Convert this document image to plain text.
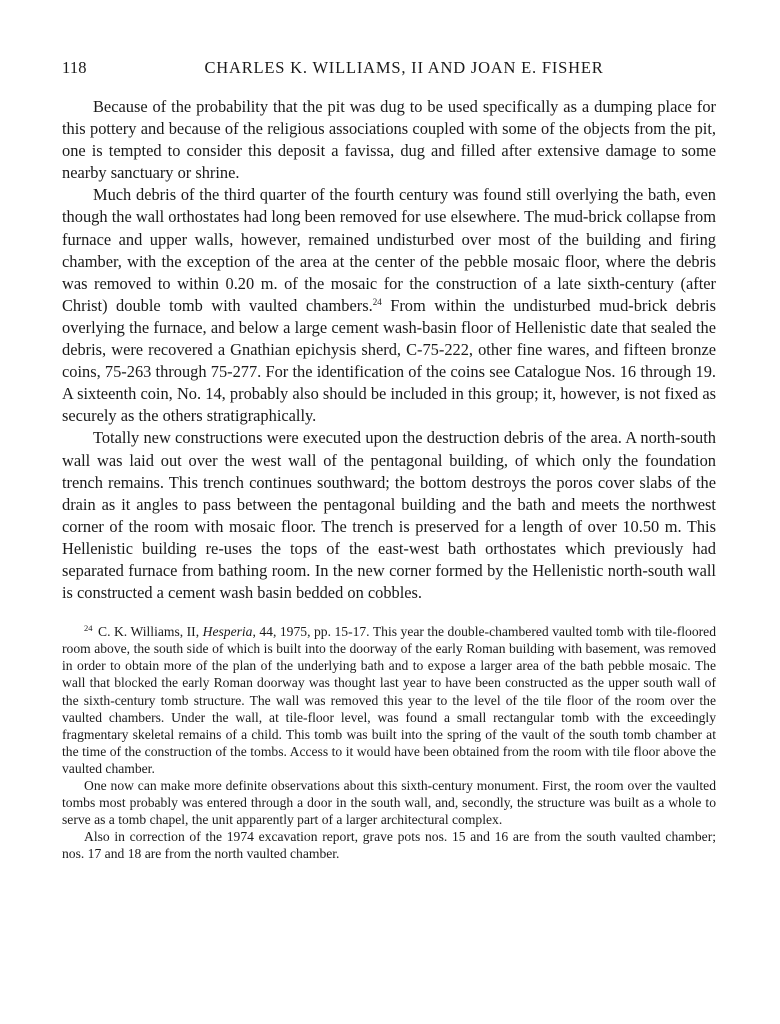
118	CHARLES K. WILLIAMS, II AND JOAN E. FISHER

Because of the probability that the pit was dug to be used specifically as a dumping place for this pottery and because of the religious associations coupled with some of the objects from the pit, one is tempted to consider this deposit a favissa, dug and filled after extensive damage to some nearby sanctuary or shrine.

Much debris of the third quarter of the fourth century was found still overlying the bath, even though the wall orthostates had long been removed for use elsewhere. The mud-brick collapse from furnace and upper walls, however, remained undisturbed over most of the building and firing chamber, with the exception of the area at the center of the pebble mosaic floor, where the debris was removed to within 0.20 m. of the mosaic for the construction of a late sixth-century (after Christ) double tomb with vaulted chambers.$^{24}$ From within the undisturbed mud-brick debris overlying the furnace, and below a large cement wash-basin floor of Hellenistic date that sealed the debris, were recovered a Gnathian epichysis sherd, C-75-222, other fine wares, and fifteen bronze coins, 75-263 through 75-277. For the identification of the coins see Catalogue Nos. 16 through 19. A sixteenth coin, No. 14, probably also should be included in this group; it, however, is not fixed as securely as the others stratigraphically.

Totally new constructions were executed upon the destruction debris of the area. A north-south wall was laid out over the west wall of the pentagonal building, of which only the foundation trench remains. This trench continues southward; the bottom destroys the poros cover slabs of the drain as it angles to pass between the pentagonal building and the bath and meets the northwest corner of the room with mosaic floor. The trench is preserved for a length of over 10.50 m. This Hellenistic building re-uses the tops of the east-west bath orthostates which previously had separated furnace from bathing room. In the new corner formed by the Hellenistic north-south wall is constructed a cement wash basin bedded on cobbles.

$^{24}$ C. K. Williams, II, Hesperia, 44, 1975, pp. 15-17. This year the double-chambered vaulted tomb with tile-floored room above, the south side of which is built into the doorway of the early Roman building with basement, was removed in order to obtain more of the plan of the underlying bath and to expose a larger area of the bath pebble mosaic. The wall that blocked the early Roman doorway was thought last year to have been constructed as the upper south wall of the sixth-century tomb structure. The wall was removed this year to the level of the tile floor of the room over the vaulted chambers. Under the wall, at tile-floor level, was found a small rectangular tomb with the exceedingly fragmentary skeletal remains of a child. This tomb was built into the spring of the vault of the south tomb chamber at the time of the construction of the tombs. Access to it would have been obtained from the room with tile floor above the vaulted chamber.

One now can make more definite observations about this sixth-century monument. First, the room over the vaulted tombs most probably was entered through a door in the south wall, and, secondly, the structure was built as a whole to serve as a tomb chapel, the unit apparently part of a larger architectural complex.

Also in correction of the 1974 excavation report, grave pots nos. 15 and 16 are from the south vaulted chamber; nos. 17 and 18 are from the north vaulted chamber.
